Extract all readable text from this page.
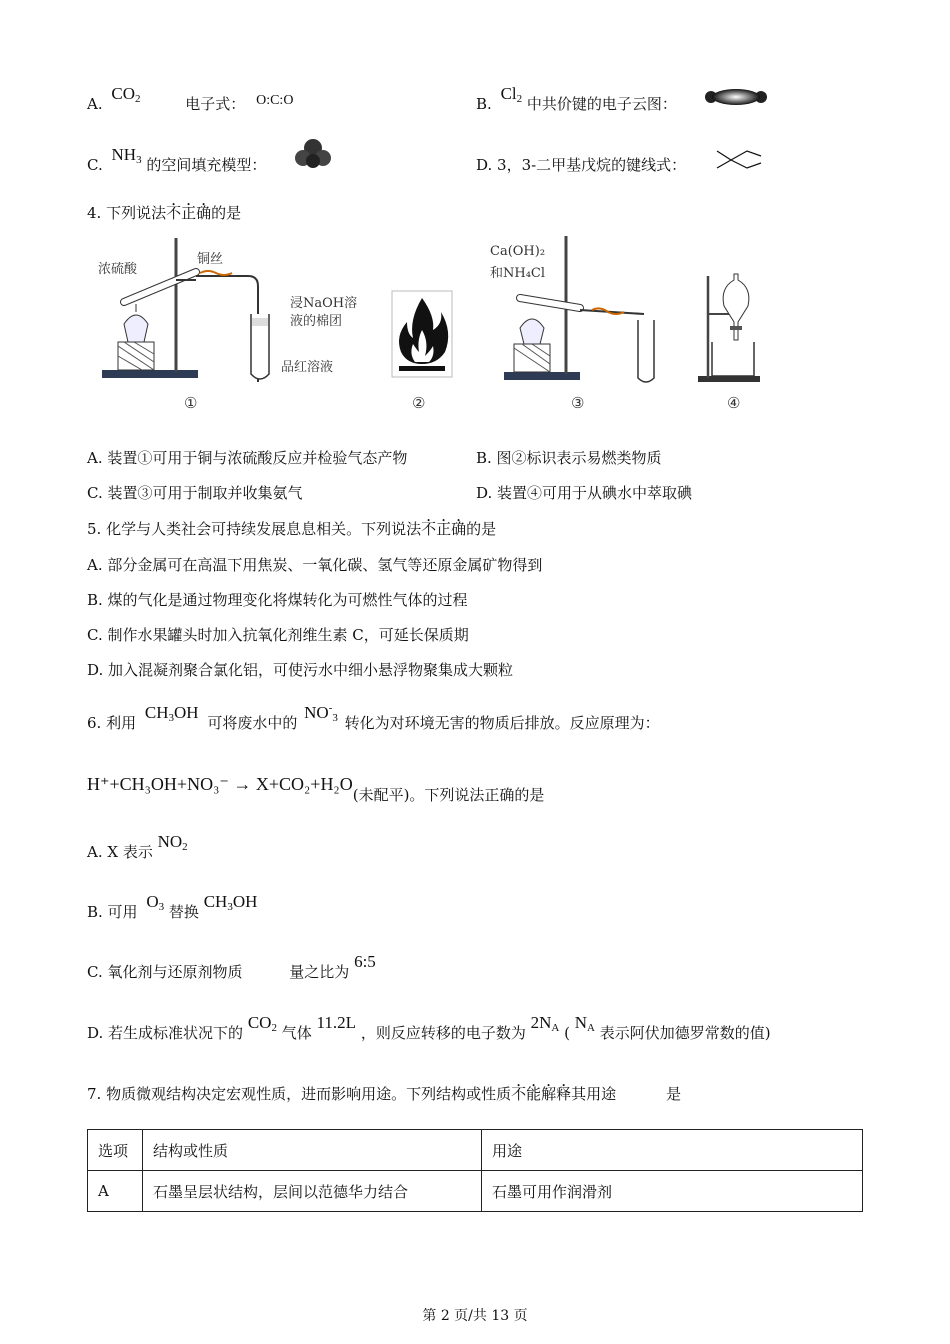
A. $CO_2$	电子式： O:C:O	B. $Cl_2$ 中共价键的电子云图：
C. $NH_3$ 的空间填充模型：	D. 3，3-二甲基戊烷的键线式：
4. 下列说法不正确的是
浓硫酸
铜丝
浸NaOH溶
液的棉团
品红溶液
①	②
Ca(OH)₂
和NH₄Cl
③	④
A. 装置①可用于铜与浓硫酸反应并检验气态产物	B. 图②标识表示易燃类物质
C. 装置③可用于制取并收集氨气	D. 装置④可用于从碘水中萃取碘
5. 化学与人类社会可持续发展息息相关。下列说法不正确的是
A. 部分金属可在高温下用焦炭、一氧化碳、氢气等还原金属矿物得到
B. 煤的气化是通过物理变化将煤转化为可燃性气体的过程
C. 制作水果罐头时加入抗氧化剂维生素 C，可延长保质期
D. 加入混凝剂聚合氯化铝，可使污水中细小悬浮物聚集成大颗粒
6. 利用 $CH_3OH$ 可将废水中的 $NO^-_3$ 转化为对环境无害的物质后排放。反应原理为：
H⁺+CH₃OH+NO₃⁻ → X+CO₂+H₂O(未配平)。下列说法正确的是
A. X 表示 $NO_2$
B. 可用 $O_3$ 替换 $CH_3OH$
C. 氧化剂与还原剂物质	量之比为 6:5
D. 若生成标准状况下的 $CO_2$ 气体 11.2L ，则反应转移的电子数为 $2N_A$ ( $N_A$ 表示阿伏加德罗常数的值)
7. 物质微观结构决定宏观性质，进而影响用途。下列结构或性质不能解释其用途	是
选项	结构或性质	用途
A	石墨呈层状结构，层间以范德华力结合	石墨可用作润滑剂
第 2 页/共 13 页
